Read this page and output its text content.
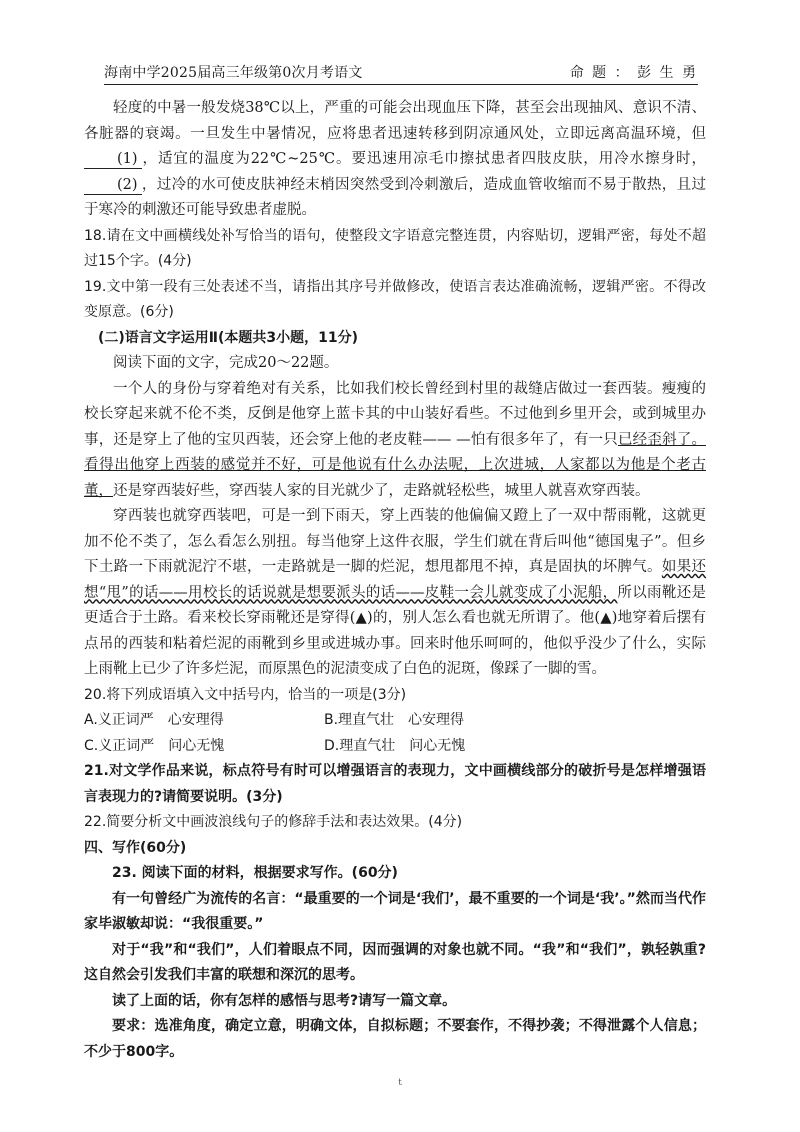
海南中学2025届高三年级第0次月考语文	命 题 ： 彭 生 勇

轻度的中暑一般发烧38℃以上，严重的可能会出现血压下降，甚至会出现抽风、意识不清、各脏器的衰竭。一旦发生中暑情况，应将患者迅速转移到阴凉通风处，立即远离高温环境，但(1) ，适宜的温度为22℃~25℃。要迅速用凉毛巾擦拭患者四肢皮肤，用冷水擦身时，(2) ，过冷的水可使皮肤神经末梢因突然受到冷刺激后，造成血管收缩而不易于散热，且过于寒冷的刺激还可能导致患者虚脱。

18.请在文中画横线处补写恰当的语句，使整段文字语意完整连贯，内容贴切，逻辑严密，每处不超过15个字。(4分)

19.文中第一段有三处表述不当，请指出其序号并做修改，使语言表达准确流畅，逻辑严密。不得改变原意。(6分)

(二)语言文字运用Ⅱ(本题共3小题，11分)

阅读下面的文字，完成20～22题。

一个人的身份与穿着绝对有关系，比如我们校长曾经到村里的裁缝店做过一套西装。瘦瘦的校长穿起来就不伦不类，反倒是他穿上蓝卡其的中山装好看些。不过他到乡里开会，或到城里办事，还是穿上了他的宝贝西装，还会穿上他的老皮鞋—— —怕有很多年了，有一只已经歪斜了。看得出他穿上西装的感觉并不好，可是他说有什么办法呢，上次进城，人家都以为他是个老古董，还是穿西装好些，穿西装人家的目光就少了，走路就轻松些，城里人就喜欢穿西装。

穿西装也就穿西装吧，可是一到下雨天，穿上西装的他偏偏又蹬上了一双中帮雨靴，这就更加不伦不类了，怎么看怎么别扭。每当他穿上这件衣服，学生们就在背后叫他“德国鬼子”。但乡下土路一下雨就泥泞不堪，一走路就是一脚的烂泥，想甩都甩不掉，真是固执的坏脾气。如果还想“甩”的话——用校长的话说就是想要派头的话——皮鞋一会儿就变成了小泥船，所以雨靴还是更适合于土路。看来校长穿雨靴还是穿得(▲)的，别人怎么看也就无所谓了。他(▲)地穿着后摆有点吊的西装和粘着烂泥的雨靴到乡里或进城办事。回来时他乐呵呵的，他似乎没少了什么，实际上雨靴上已少了许多烂泥，而原黑色的泥渍变成了白色的泥斑，像踩了一脚的雪。

20.将下列成语填入文中括号内，恰当的一项是(3分)

A.义正词严　心安理得	B.理直气壮　心安理得
C.义正词严　问心无愧	D.理直气壮　问心无愧

21.对文学作品来说，标点符号有时可以增强语言的表现力，文中画横线部分的破折号是怎样增强语言表现力的?请简要说明。(3分)

22.简要分析文中画波浪线句子的修辞手法和表达效果。(4分)

四、写作(60分)

23. 阅读下面的材料，根据要求写作。(60分)

有一句曾经广为流传的名言：“最重要的一个词是‘我们’，最不重要的一个词是‘我’。”然而当代作家毕淑敏却说：“我很重要。”

对于“我”和“我们”，人们着眼点不同，因而强调的对象也就不同。“我”和“我们”，孰轻孰重?这自然会引发我们丰富的联想和深沉的思考。

读了上面的话，你有怎样的感悟与思考?请写一篇文章。

要求：选准角度，确定立意，明确文体，自拟标题；不要套作，不得抄袭；不得泄露个人信息；不少于800字。

t
